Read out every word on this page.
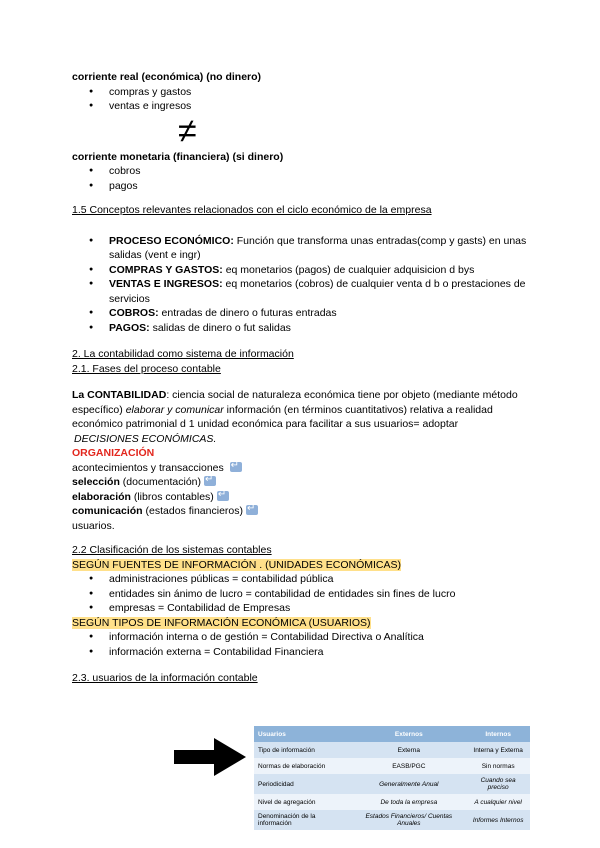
corriente real (económica) (no dinero)
● compras y gastos
● ventas e ingresos
≠
corriente monetaria (financiera) (si dinero)
● cobros
● pagos
1.5 Conceptos relevantes relacionados con el ciclo económico de la empresa
● PROCESO ECONÓMICO: Función que transforma unas entradas(comp y gasts) en unas salidas (vent e ingr)
● COMPRAS Y GASTOS: eq monetarios (pagos) de cualquier adquisicion d bys
● VENTAS E INGRESOS: eq monetarios (cobros) de cualquier venta d b o prestaciones de servicios
● COBROS: entradas de dinero o futuras entradas
● PAGOS: salidas de dinero o fut salidas
2. La contabilidad como sistema de información
2.1. Fases del proceso contable
La CONTABILIDAD: ciencia social de naturaleza económica tiene por objeto (mediante método específico) elaborar y comunicar información (en términos cuantitativos) relativa a realidad económico patrimonial d 1 unidad económica para facilitar a sus usuarios= adoptar
DECISIONES ECONÓMICAS.
ORGANIZACIÓN
acontecimientos y transacciones ↵
selección (documentación)↵
elaboración (libros contables)↵
comunicación (estados financieros)↵
usuarios.
2.2 Clasificación de los sistemas contables
SEGÚN FUENTES DE INFORMACIÓN . (UNIDADES ECONÓMICAS)
● administraciones públicas = contabilidad pública
● entidades sin ánimo de lucro = contabilidad de entidades sin fines de lucro
● empresas = Contabilidad de Empresas
SEGÚN TIPOS DE INFORMACIÓN ECONÓMICA (USUARIOS)
● información interna o de gestión = Contabilidad Directiva o Analítica
● información externa = Contabilidad Financiera
2.3. usuarios de la información contable
Usuarios	Externos	Internos
Tipo de información	Externa	Interna y Externa
Normas de elaboración	EASB/PGC	Sin normas
Periodicidad	Generalmente Anual	Cuando sea preciso
Nivel de agregación	De toda la empresa	A cualquier nivel
Denominación de la información	Estados Financieros/ Cuentas Anuales	Informes Internos
